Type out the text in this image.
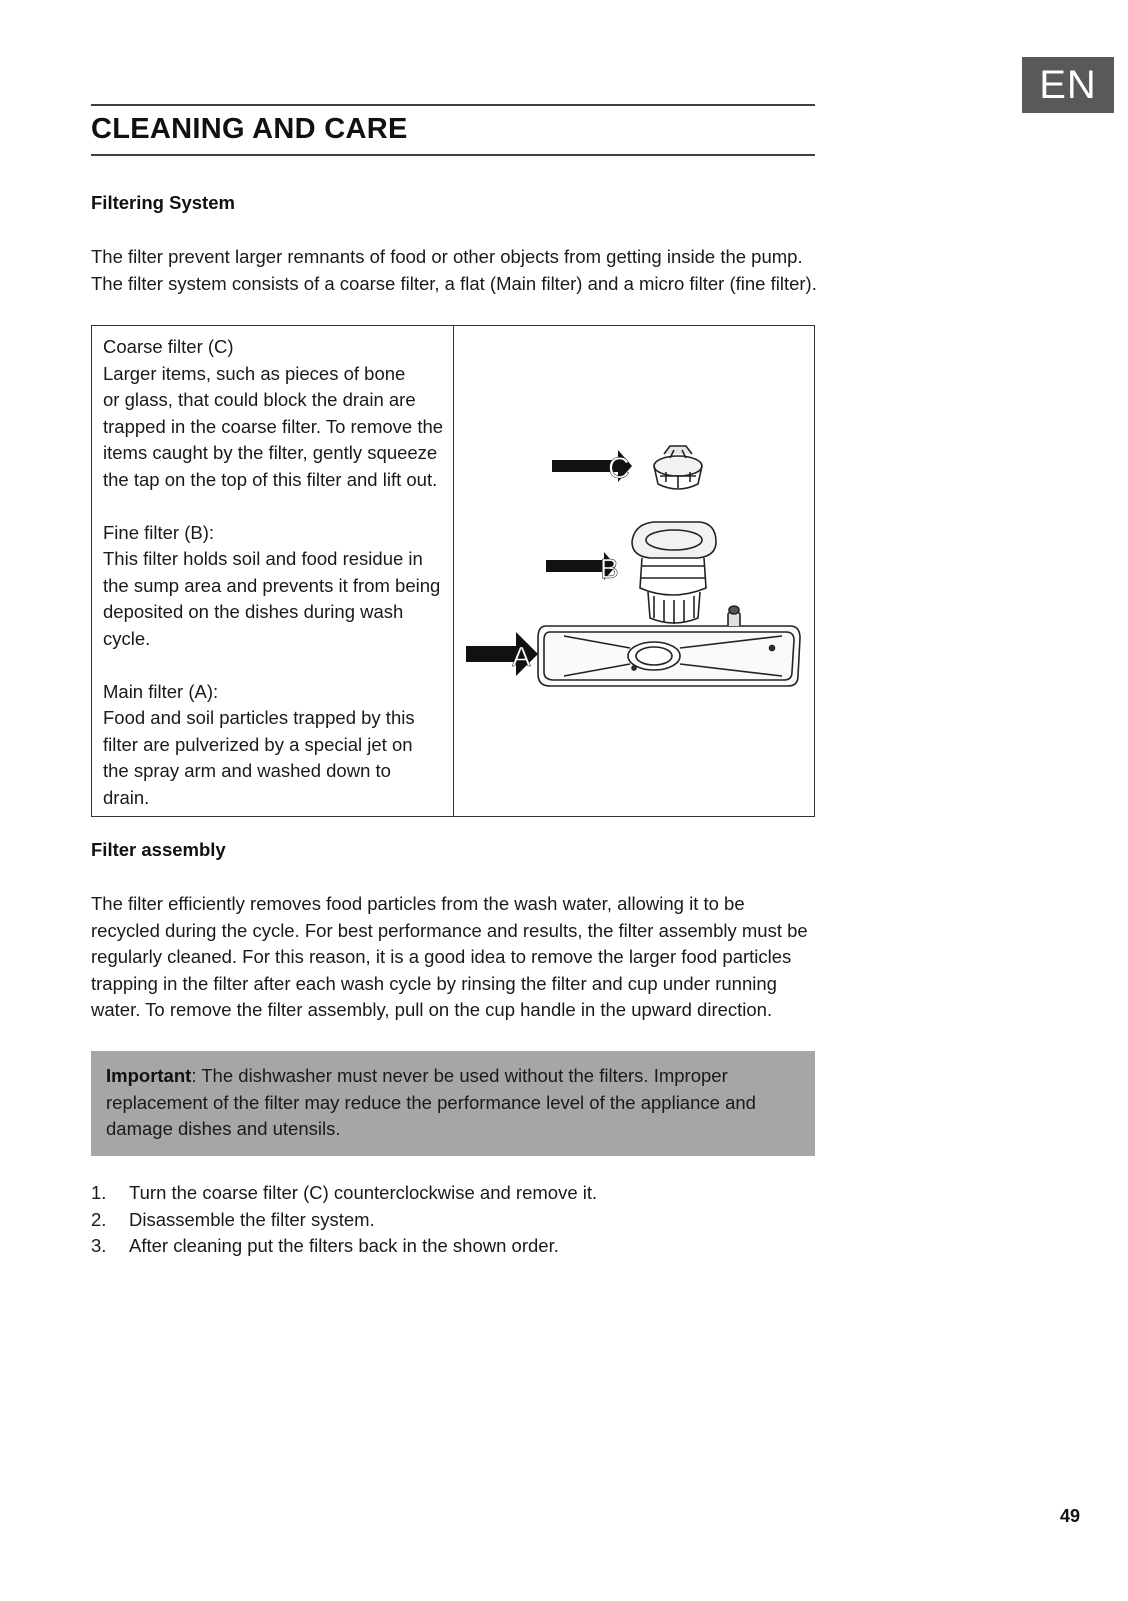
EN
CLEANING AND CARE
Filtering System
The filter prevent larger remnants of food or other objects from getting inside the pump.
The filter system consists of a coarse filter, a flat (Main filter) and a micro filter (fine filter).
Coarse filter (C)
Larger items, such as pieces of bone
or glass, that could block the drain are
trapped in the coarse filter. To remove the
items caught by the filter, gently squeeze
the tap on the top of this filter and lift out.
Fine filter (B):
This filter holds soil and food residue in
the sump area and prevents it from being
deposited on the dishes during wash
cycle.
Main filter (A):
Food and soil particles trapped by this
filter are pulverized by a special jet on
the spray arm and washed down to
drain.
C
B
A
Filter assembly
The filter efficiently removes food particles from the wash water, allowing it to be
recycled during the cycle. For best performance and results, the filter assembly must be
regularly cleaned. For this reason, it is a good idea to remove the larger food particles
trapping in the filter after each wash cycle by rinsing the filter and cup under running
water. To remove the filter assembly, pull on the cup handle in the upward direction.
Important: The dishwasher must never be used without the filters. Improper
replacement of the filter may reduce the performance level of the appliance and
damage dishes and utensils.
1.	Turn the coarse filter (C) counterclockwise and remove it.
2.	Disassemble the filter system.
3.	After cleaning put the filters back in the shown order.
49
